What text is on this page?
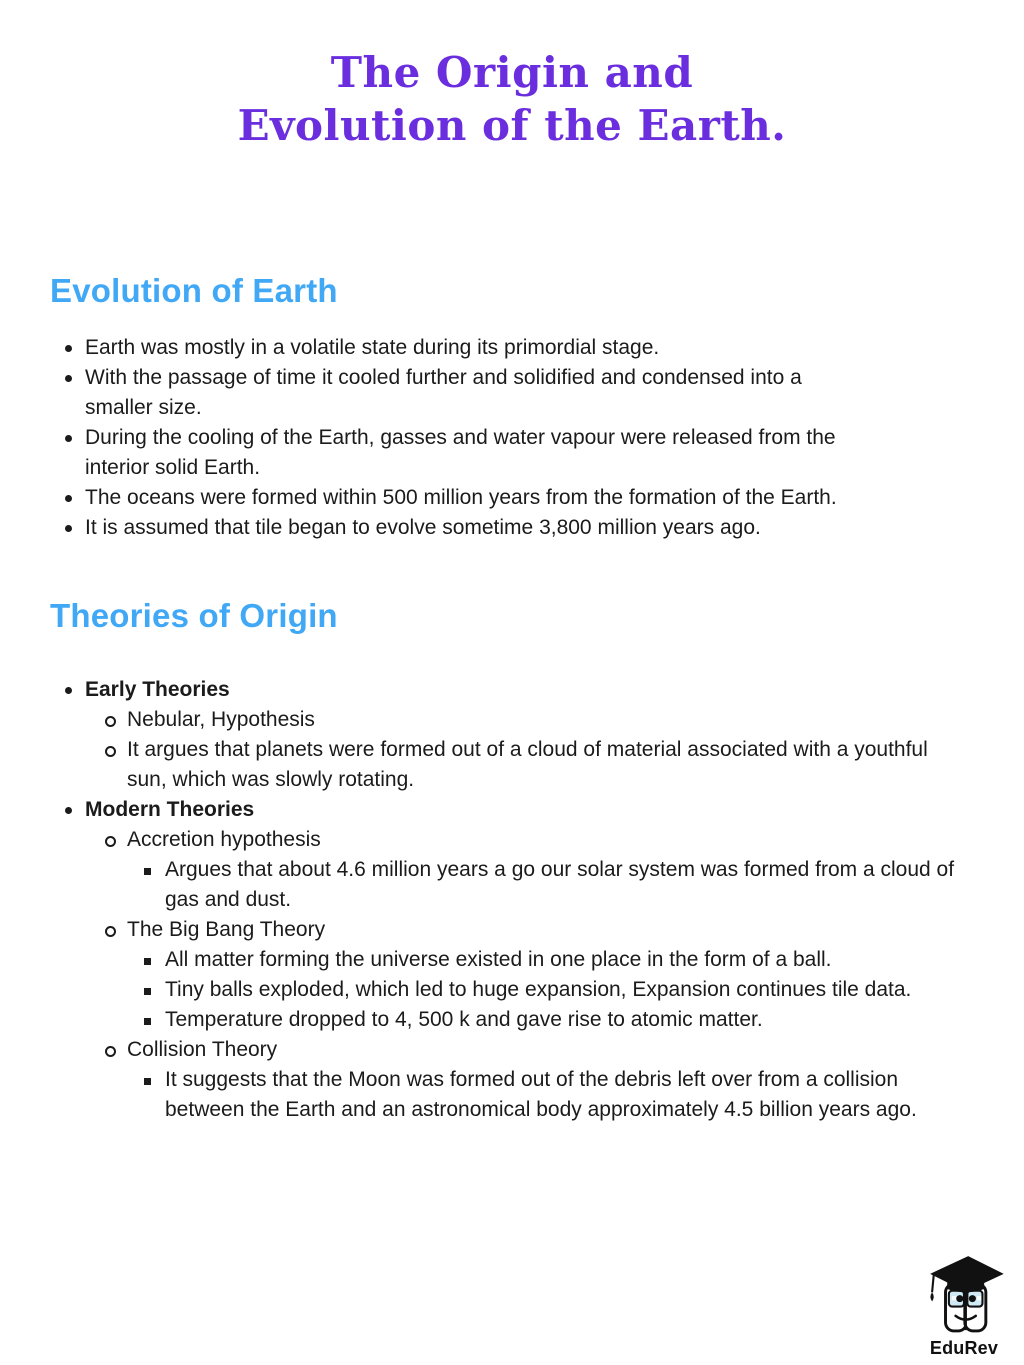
The Origin and
Evolution of the Earth.
Evolution of Earth
Earth was mostly in a volatile state during its primordial stage.
With the passage of time it cooled further and solidified and condensed into a smaller size.
During the cooling of the Earth, gasses and water vapour were released from the interior solid Earth.
The oceans were formed within 500 million years from the formation of the Earth.
It is assumed that tile began to evolve sometime 3,800 million years ago.
Theories of Origin
Early Theories
Nebular, Hypothesis
It argues that planets were formed out of a cloud of material associated with a youthful sun, which was slowly rotating.
Modern Theories
Accretion hypothesis
Argues that about 4.6 million years a go our solar system was formed from a cloud of gas and dust.
The Big Bang Theory
All matter forming the universe existed in one place in the form of a ball.
Tiny balls exploded, which led to huge expansion, Expansion continues tile data.
Temperature dropped to 4, 500 k and gave rise to atomic matter.
Collision Theory
It suggests that the Moon was formed out of the debris left over from a collision between the Earth and an astronomical body approximately 4.5 billion years ago.
EduRev
